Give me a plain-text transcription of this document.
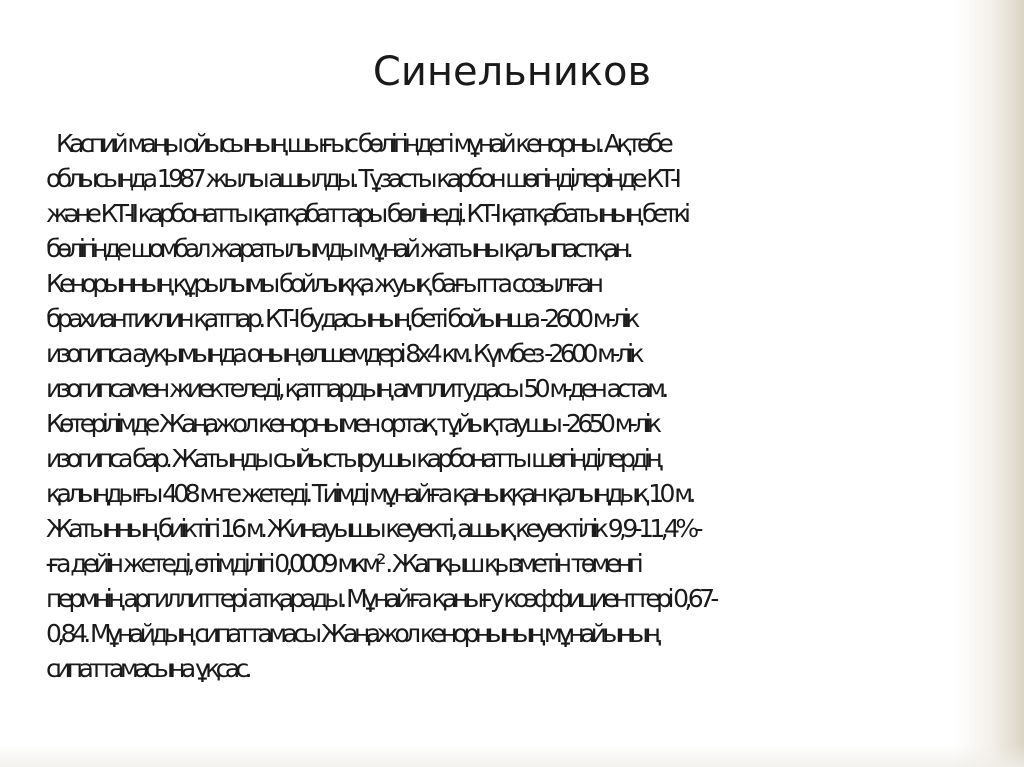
Синельников
Каспий маңы ойысының шығыс бөлігіндегі мұнай кенорны. Ақтөбе
облысында 1987 жылы ашылды. Тұзасты карбон шөгінділерінде КТ-І
және КТ-ІІ карбонатты қатқабаттары бөлінеді. КТ-І қатқабатының беткі
бөлігінде шомбал жаратылымды мұнай жатыны қалыпастқан.
Кенорынның құрылымы бойлыққа жуық бағытта созылған
брахиантиклин қатпар. КТ-І будасының беті бойынша -2600 м-лік
изогипса ауқымында оның өлшемдері 8х4 км. Күмбез -2600 м-лік
изогипсамен жиектеледі, қатпардың амплитудасы 50 м-ден астам.
Көтерілімде Жаңажол кенорнымен ортақ тұйықтаушы -2650 м-лік
изогипса бар. Жатынды сыйыстырушы карбонатты шөгінділердің
қалыңдығы 408 м-ге жетеді. Тиімді мұнайға қаныққан қалыңдық 10 м.
Жатынның биіктігі 16 м. Жинауышы кеуекті, ашық кеуектілік 9,9-11,4%-
ға дейін жетеді, өтімділігі 0,0009 мкм² . Жапқыш қызметін төменгі
пермнің аргиллиттері атқарады. Мұнайға қанығу коэффициенттері 0,67-
0,84. Мұнайдың сипаттамасы Жаңажол кенорнының мұнайының
сипаттамасына ұқсас.
